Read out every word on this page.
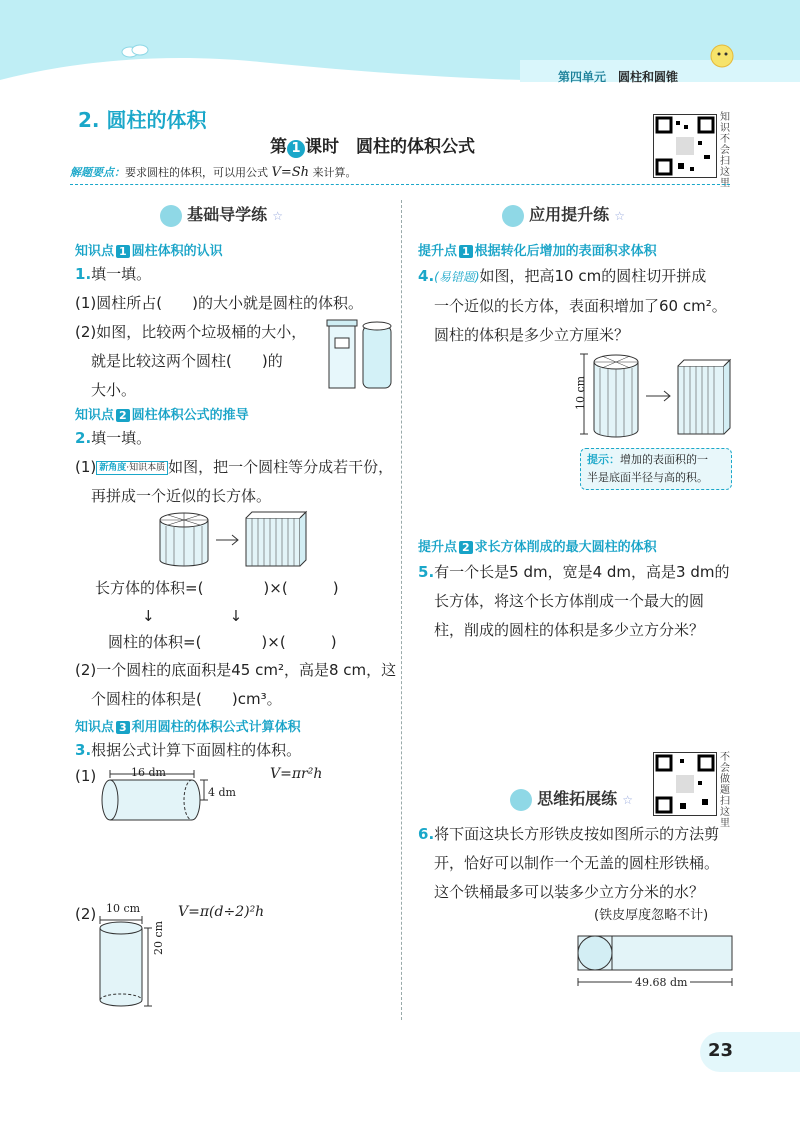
第四单元　 圆柱和圆锥
2. 圆柱的体积
第 1 课时　 圆柱的体积公式
知识不会扫这里
解题要点：要求圆柱的体积，可以用公式 V=Sh 来计算。
基础导学练 ☆
知识点 1 圆柱体积的认识
1.填一填。
(1)圆柱所占(　　)的大小就是圆柱的体积。
(2)如图，比较两个垃圾桶的大小，
就是比较这两个圆柱(　　)的
大小。
知识点 2 圆柱体积公式的推导
2.填一填。
(1) 新角度·知识本质 如图，把一个圆柱等分成若干份，
再拼成一个近似的长方体。
长方体的体积=(　　　　)×(　　　)
↓　　　　　↓
圆柱的体积=(　　　　)×(　　　)
(2)一个圆柱的底面积是45 cm²，高是8 cm，这
个圆柱的体积是(　　)cm³。
知识点 3 利用圆柱的体积公式计算体积
3.根据公式计算下面圆柱的体积。
(1)	V=πr²h
16 dm
4 dm
(2)	V=π(d÷2)²h
10 cm
20 cm
应用提升练 ☆
提升点 1 根据转化后增加的表面积求体积
4.(易错题)如图，把高10 cm的圆柱切开拼成
一个近似的长方体，表面积增加了60 cm²。
圆柱的体积是多少立方厘米？
10 cm
提示：增加的表面积的一
半是底面半径与高的积。
提升点 2 求长方体削成的最大圆柱的体积
5.有一个长是5 dm，宽是4 dm，高是3 dm的
长方体，将这个长方体削成一个最大的圆
柱，削成的圆柱的体积是多少立方分米？
不会做题扫这里
思维拓展练 ☆
6.将下面这块长方形铁皮按如图所示的方法剪
开，恰好可以制作一个无盖的圆柱形铁桶。
这个铁桶最多可以装多少立方分米的水？
(铁皮厚度忽略不计)
49.68 dm
23
